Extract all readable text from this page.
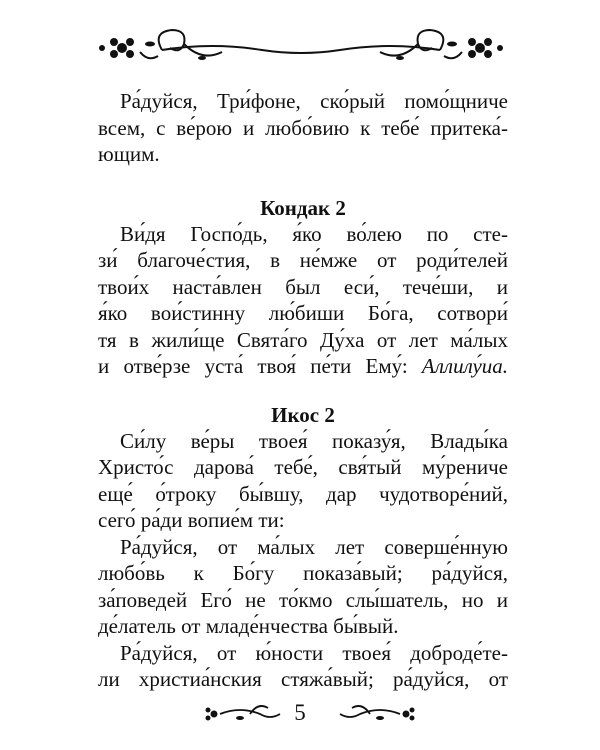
Ра́дуйся, Три́фоне, ско́рый помо́щниче
всем, с ве́рою и любо́вию к тебе́ притека́-
ющим.
Кондак 2
Ви́дя Госпо́дь, я́ко во́лею по сте-
зи́ благоче́стия, в не́мже от роди́телей
твои́х наста́влен был еси́, тече́ши, и
я́ко вои́стинну лю́биши Бо́га, сотвори́
тя в жили́ще Свята́го Ду́ха от лет ма́лых
и отве́рзе уста́ твоя́ пе́ти Ему́: Аллилу́иа.
Икос 2
Си́лу ве́ры твоея́ показу́я, Влады́ка
Христо́с дарова́ тебе́, свя́тый му́рениче
еще́ о́троку бы́вшу, дар чудотворе́ний,
сего́ ра́ди вопие́м ти:
Ра́дуйся, от ма́лых лет соверше́нную
любо́вь к Бо́гу показа́вый; ра́дуйся,
за́поведей Его́ не то́кмо слы́шатель, но и
де́латель от младе́нчества бы́вый.
Ра́дуйся, от ю́ности твоея́ доброде́те-
ли христиа́нския стяжа́вый; ра́дуйся, от
5
